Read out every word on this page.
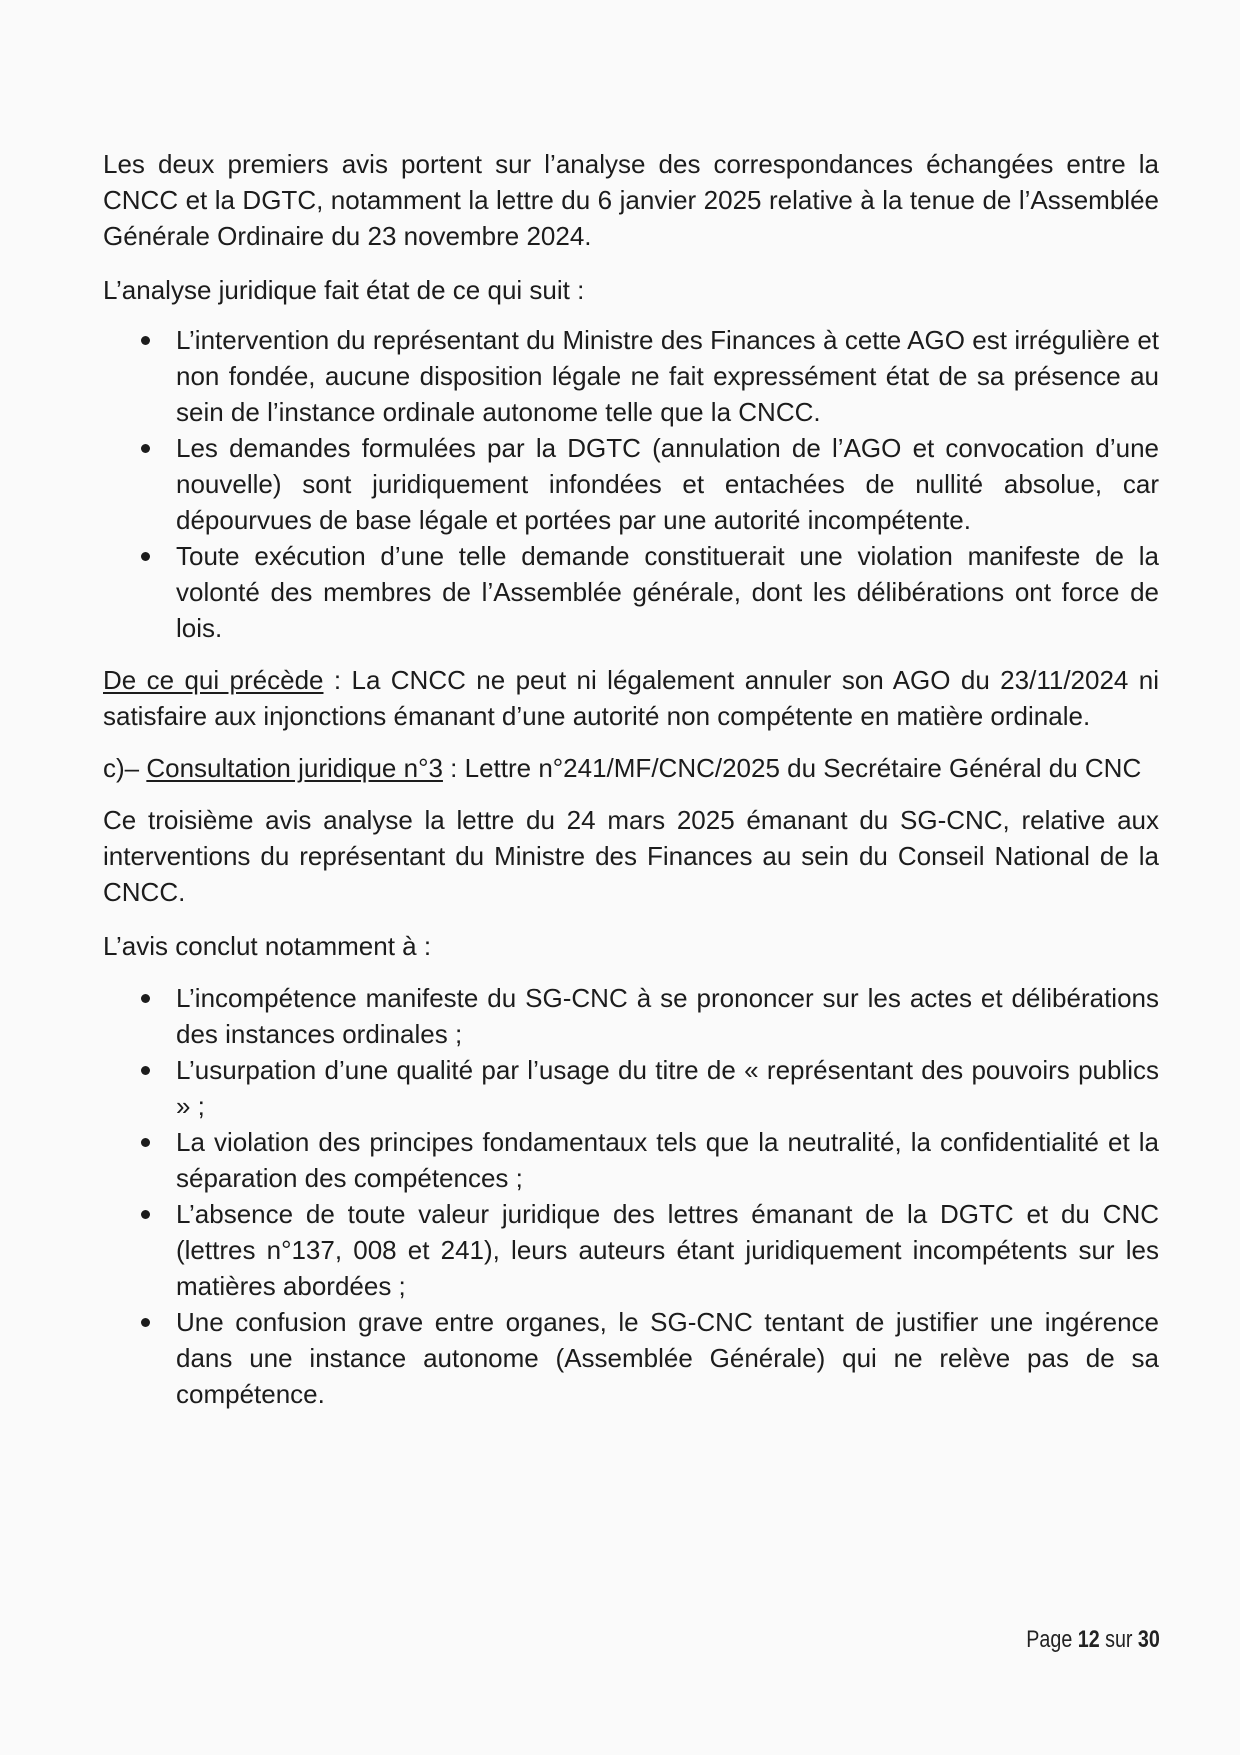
Les deux premiers avis portent sur l’analyse des correspondances échangées entre la CNCC et la DGTC, notamment la lettre du 6 janvier 2025 relative à la tenue de l’Assemblée Générale Ordinaire du 23 novembre 2024.

L’analyse juridique fait état de ce qui suit :

L’intervention du représentant du Ministre des Finances à cette AGO est irrégulière et non fondée, aucune disposition légale ne fait expressément état de sa présence au sein de l’instance ordinale autonome telle que la CNCC.
Les demandes formulées par la DGTC (annulation de l’AGO et convocation d’une nouvelle) sont juridiquement infondées et entachées de nullité absolue, car dépourvues de base légale et portées par une autorité incompétente.
Toute exécution d’une telle demande constituerait une violation manifeste de la volonté des membres de l’Assemblée générale, dont les délibérations ont force de lois.

De ce qui précède : La CNCC ne peut ni légalement annuler son AGO du 23/11/2024 ni satisfaire aux injonctions émanant d’une autorité non compétente en matière ordinale.

c)– Consultation juridique n°3 : Lettre n°241/MF/CNC/2025 du Secrétaire Général du CNC

Ce troisième avis analyse la lettre du 24 mars 2025 émanant du SG-CNC, relative aux interventions du représentant du Ministre des Finances au sein du Conseil National de la CNCC.

L’avis conclut notamment à :

L’incompétence manifeste du SG-CNC à se prononcer sur les actes et délibérations des instances ordinales ;
L’usurpation d’une qualité par l’usage du titre de « représentant des pouvoirs publics » ;
La violation des principes fondamentaux tels que la neutralité, la confidentialité et la séparation des compétences ;
L’absence de toute valeur juridique des lettres émanant de la DGTC et du CNC (lettres n°137, 008 et 241), leurs auteurs étant juridiquement incompétents sur les matières abordées ;
Une confusion grave entre organes, le SG-CNC tentant de justifier une ingérence dans une instance autonome (Assemblée Générale) qui ne relève pas de sa compétence.
Page 12 sur 30
